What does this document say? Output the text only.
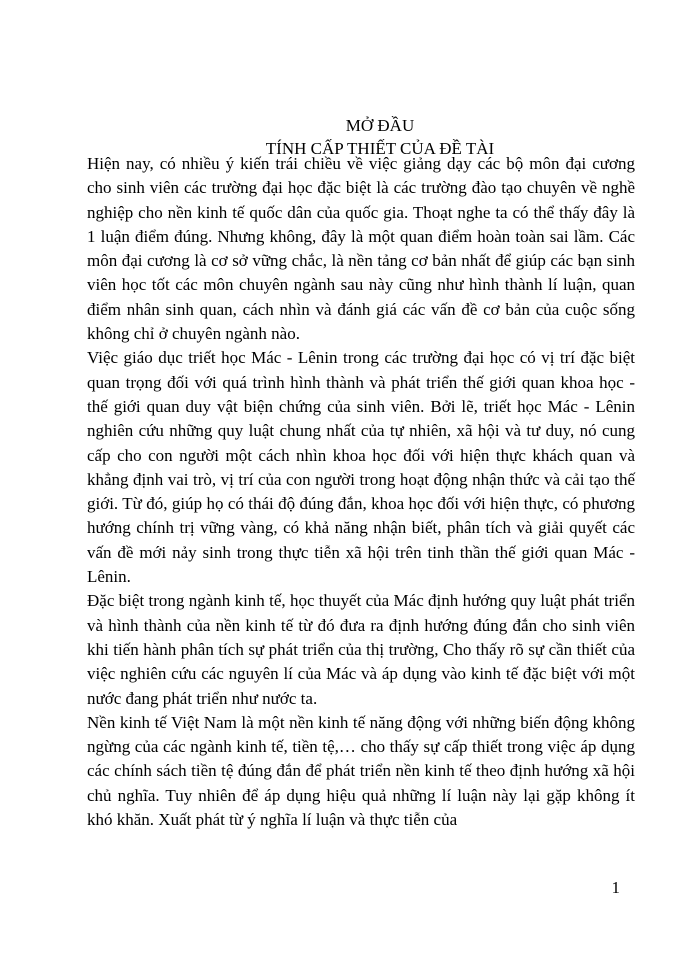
MỞ ĐẦU
TÍNH CẤP THIẾT CỦA ĐỀ TÀI

Hiện nay, có nhiều ý kiến trái chiều về việc giảng dạy các bộ môn đại cương cho sinh viên các trường đại học đặc biệt là các trường đào tạo chuyên về nghề nghiệp cho nền kinh tế quốc dân của quốc gia. Thoạt nghe ta có thể thấy đây là 1 luận điểm đúng. Nhưng không, đây là một quan điểm hoàn toàn sai lầm. Các môn đại cương là cơ sở vững chắc, là nền tảng cơ bản nhất để giúp các bạn sinh viên học tốt các môn chuyên ngành sau này cũng như hình thành lí luận, quan điểm nhân sinh quan, cách nhìn và đánh giá các vấn đề cơ bản của cuộc sống không chỉ ở chuyên ngành nào.

Việc giáo dục triết học Mác - Lênin trong các trường đại học có vị trí đặc biệt quan trọng đối với quá trình hình thành và phát triển thế giới quan khoa học - thế giới quan duy vật biện chứng của sinh viên. Bởi lẽ, triết học Mác - Lênin nghiên cứu những quy luật chung nhất của tự nhiên, xã hội và tư duy, nó cung cấp cho con người một cách nhìn khoa học đối với hiện thực khách quan và khẳng định vai trò, vị trí của con người trong hoạt động nhận thức và cải tạo thế giới. Từ đó, giúp họ có thái độ đúng đắn, khoa học đối với hiện thực, có phương hướng chính trị vững vàng, có khả năng nhận biết, phân tích và giải quyết các vấn đề mới nảy sinh trong thực tiễn xã hội trên tinh thần thế giới quan Mác - Lênin.

Đặc biệt trong ngành kinh tế, học thuyết của Mác định hướng quy luật phát triển và hình thành của nền kinh tế từ đó đưa ra định hướng đúng đắn cho sinh viên khi tiến hành phân tích sự phát triển của thị trường, Cho thấy rõ sự cần thiết của việc nghiên cứu các nguyên lí của Mác và áp dụng vào kinh tế đặc biệt với một nước đang phát triển như nước ta.

Nền kinh tế Việt Nam là một nền kinh tế năng động với những biến động không ngừng của các ngành kinh tế, tiền tệ,… cho thấy sự cấp thiết trong việc áp dụng các chính sách tiền tệ đúng đắn để phát triển nền kinh tế theo định hướng xã hội chủ nghĩa. Tuy nhiên để áp dụng hiệu quả những lí luận này lại gặp không ít khó khăn. Xuất phát từ ý nghĩa lí luận và thực tiễn của

1
